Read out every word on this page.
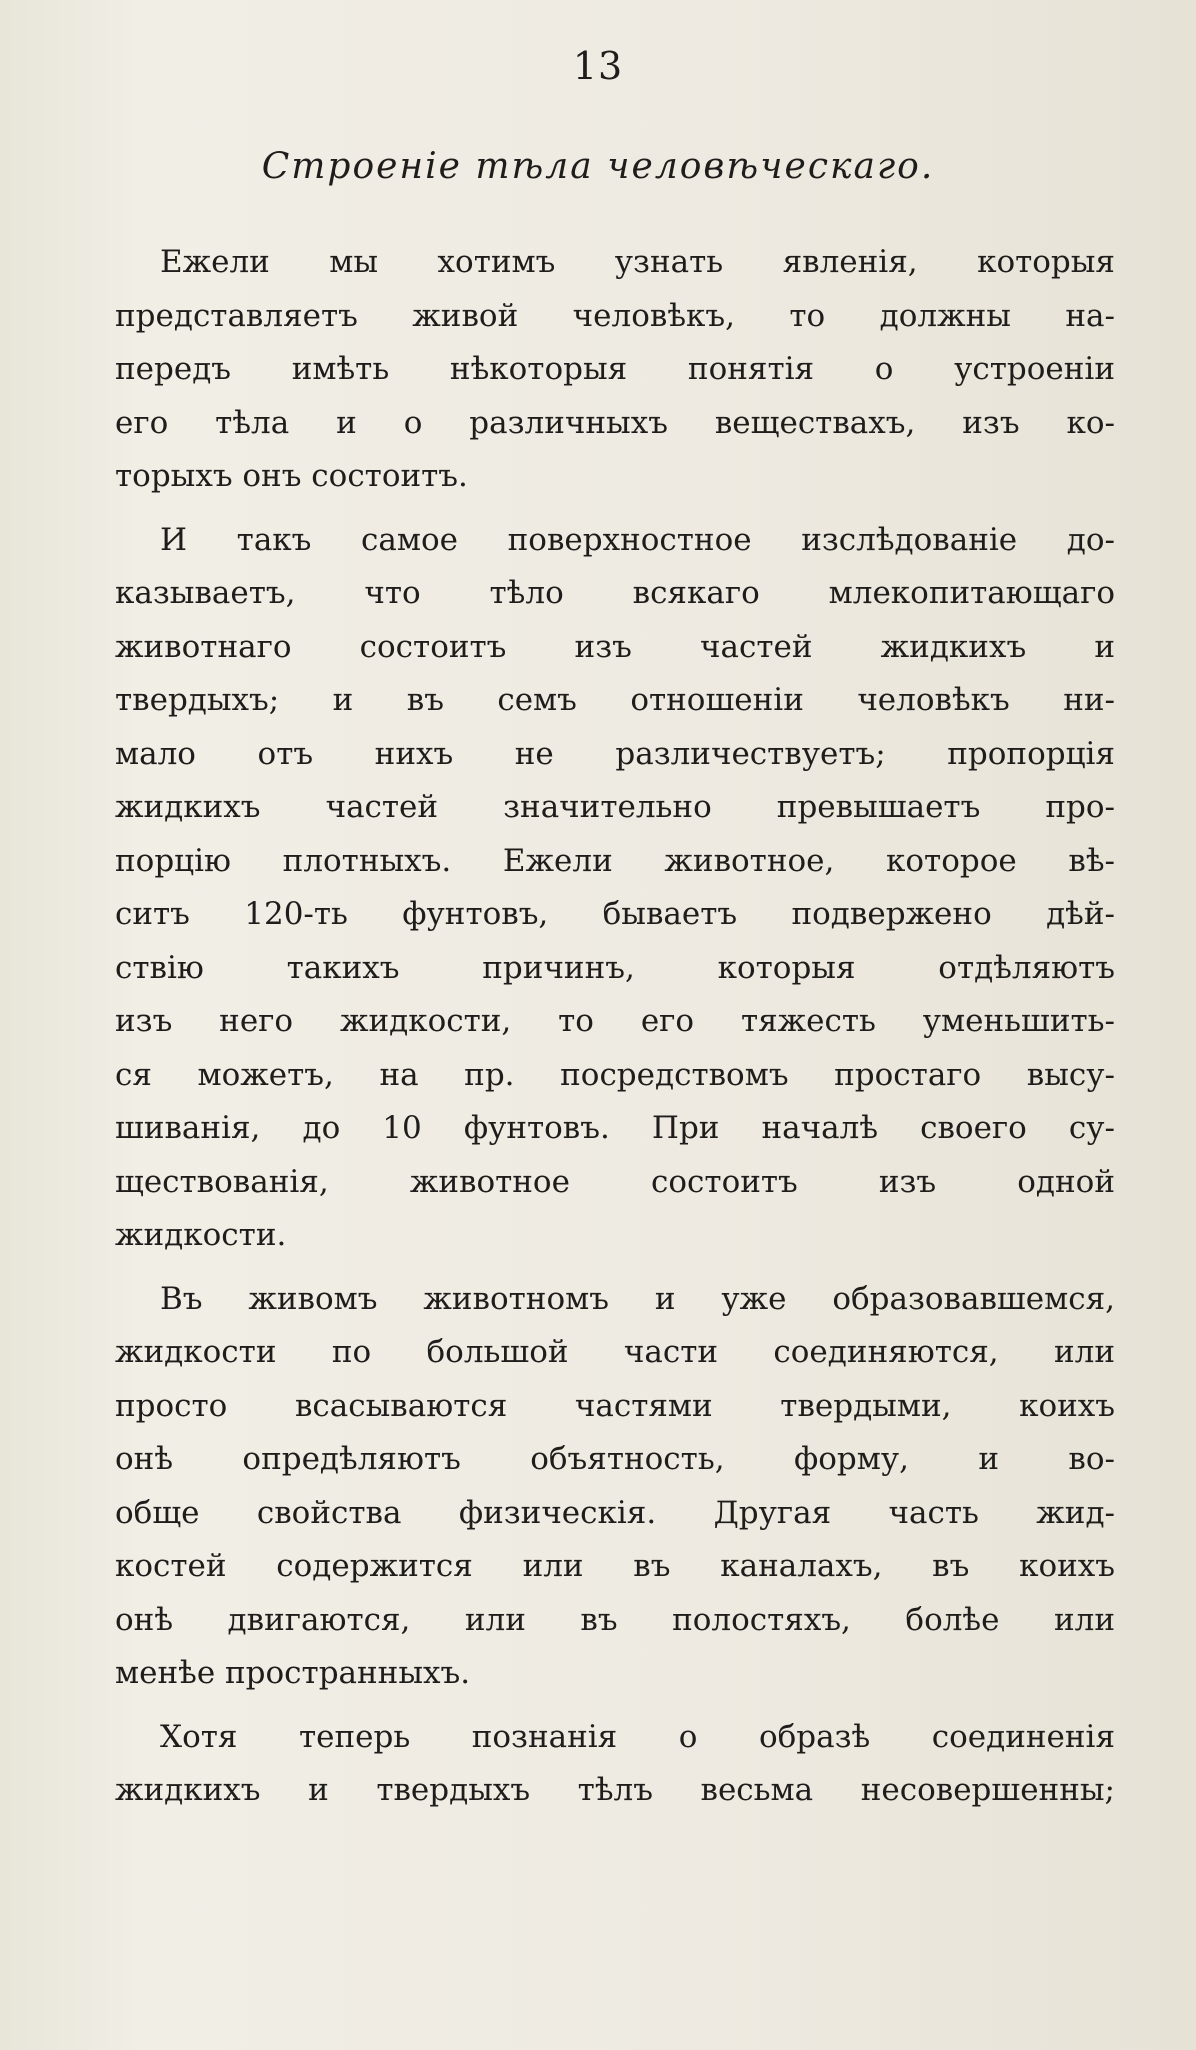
13
Строеніе тѣла человѣческаго.
Ежели мы хотимъ узнать явленія, которыя
представляетъ живой человѣкъ, то должны на-
передъ имѣть нѣкоторыя понятія о устроеніи
его тѣла и о различныхъ веществахъ, изъ ко-
торыхъ онъ состоитъ.
И такъ самое поверхностное изслѣдованіе до-
казываетъ, что тѣло всякаго млекопитающаго
животнаго состоитъ изъ частей жидкихъ и
твердыхъ; и въ семъ отношеніи человѣкъ ни-
мало отъ нихъ не различествуетъ; пропорція
жидкихъ частей значительно превышаетъ про-
порцію плотныхъ. Ежели животное, которое вѣ-
ситъ 120-ть фунтовъ, бываетъ подвержено дѣй-
ствію такихъ причинъ, которыя отдѣляютъ
изъ него жидкости, то его тяжесть уменьшить-
ся можетъ, на пр. посредствомъ простаго высу-
шиванія, до 10 фунтовъ. При началѣ своего су-
ществованія, животное состоитъ изъ одной
жидкости.
Въ живомъ животномъ и уже образовавшемся,
жидкости по большой части соединяются, или
просто всасываются частями твердыми, коихъ
онѣ опредѣляютъ объятность, форму, и во-
обще свойства физическія. Другая часть жид-
костей содержится или въ каналахъ, въ коихъ
онѣ двигаются, или въ полостяхъ, болѣе или
менѣе пространныхъ.
Хотя теперь познанія о образѣ соединенія
жидкихъ и твердыхъ тѣлъ весьма несовершенны;
